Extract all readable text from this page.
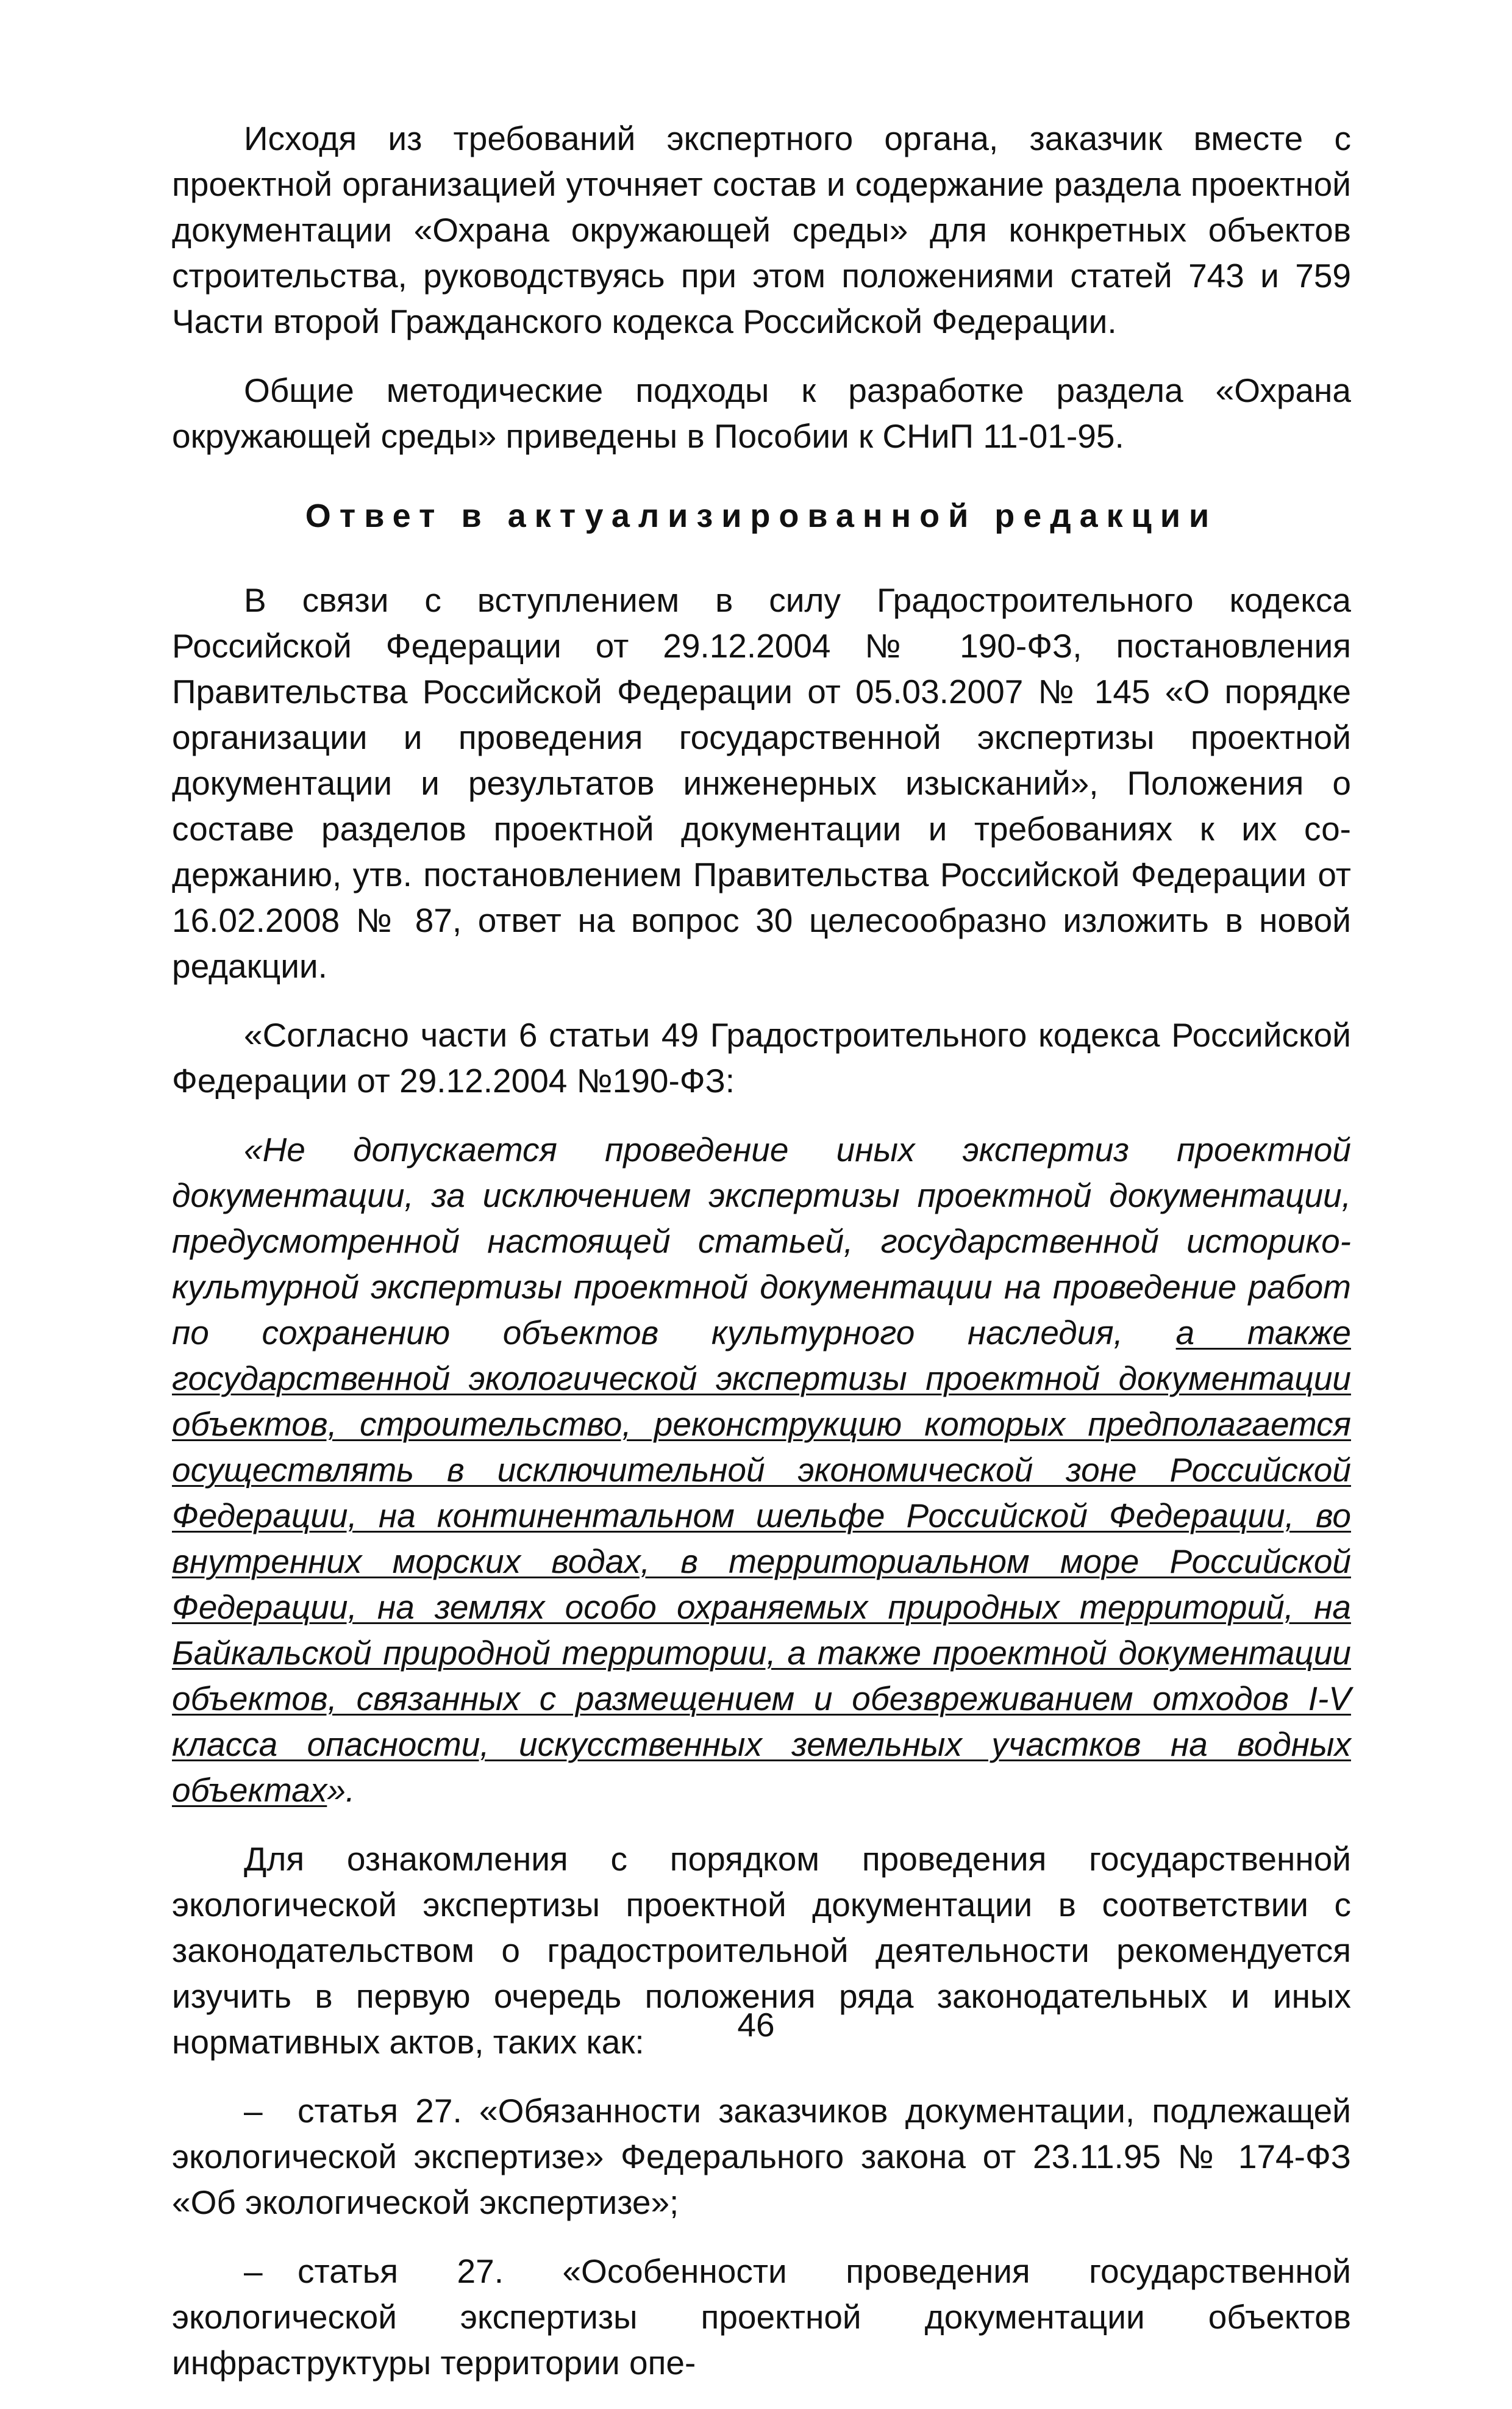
Исходя из требований экспертного органа, заказчик вместе с проектной организацией уточняет состав и содержание раздела проектной документации «Охрана окружающей среды» для конкретных объектов строительства, руководствуясь при этом положениями статей 743 и 759 Части второй Гражданского кодекса Российской Федерации.

Общие методические подходы к разработке раздела «Охрана окружающей среды» приведены в Пособии к СНиП 11-01-95.

Ответ в актуализированной редакции

В связи с вступлением в силу Градостроительного кодекса Российской Федерации от 29.12.2004 № 190-ФЗ, постановления Правительства Российской Федерации от 05.03.2007 № 145 «О порядке организации и проведения государственной экспертизы проектной документации и результатов инженерных изысканий», Положения о составе разделов проектной документации и требованиях к их содержанию, утв. постановлением Правительства Российской Федерации от 16.02.2008 № 87, ответ на вопрос 30 целесообразно изложить в новой редакции.

«Согласно части 6 статьи 49 Градостроительного кодекса Российской Федерации от 29.12.2004 №190-ФЗ:

«Не допускается проведение иных экспертиз проектной документации, за исключением экспертизы проектной документации, предусмотренной настоящей статьей, государственной историко-культурной экспертизы проектной документации на проведение работ по сохранению объектов культурного наследия, а также государственной экологической экспертизы проектной документации объектов, строительство, реконструкцию которых предполагается осуществлять в исключительной экономической зоне Российской Федерации, на континентальном шельфе Российской Федерации, во внутренних морских водах, в территориальном море Российской Федерации, на землях особо охраняемых природных территорий, на Байкальской природной территории, а также проектной документации объектов, связанных с размещением и обезвреживанием отходов I-V класса опасности, искусственных земельных участков на водных объектах».

Для ознакомления с порядком проведения государственной экологической экспертизы проектной документации в соответствии с законодательством о градостроительной деятельности рекомендуется изучить в первую очередь положения ряда законодательных и иных нормативных актов, таких как:

– статья 27. «Обязанности заказчиков документации, подлежащей экологической экспертизе» Федерального закона от 23.11.95 № 174-ФЗ «Об экологической экспертизе»;

– статья 27. «Особенности проведения государственной экологической экспертизы проектной документации объектов инфраструктуры территории опе-

46
